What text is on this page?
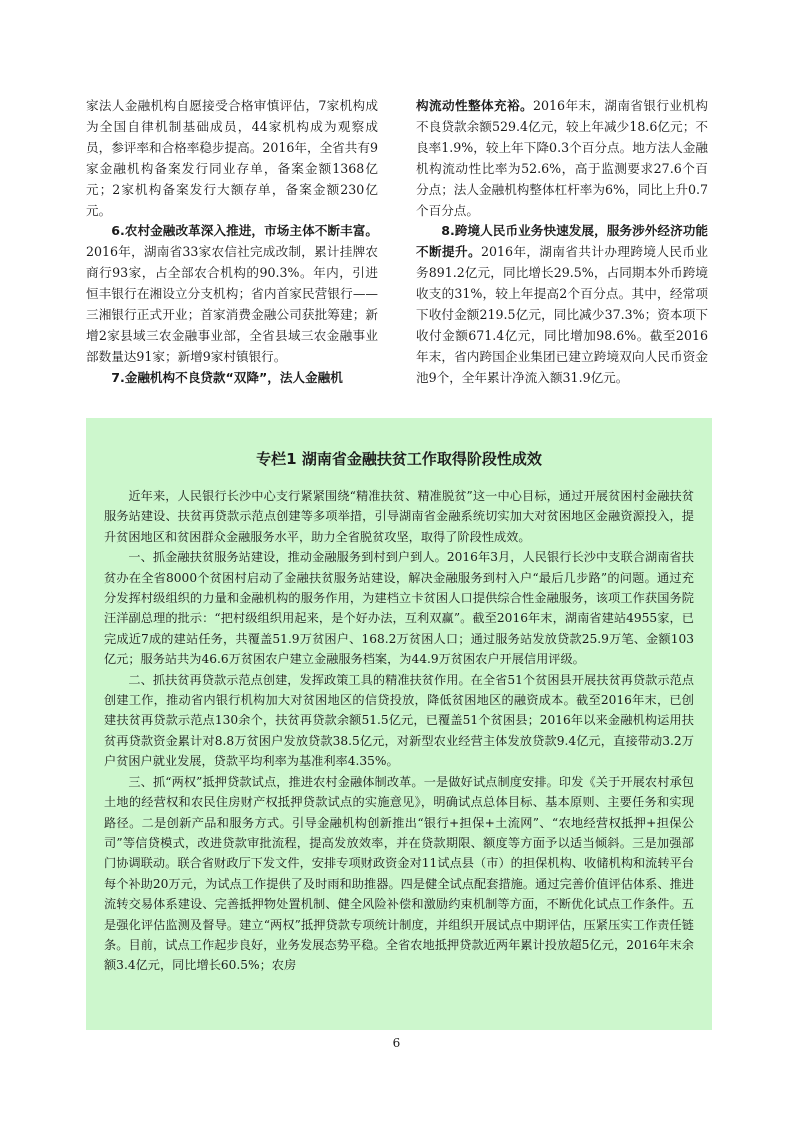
家法人金融机构自愿接受合格审慎评估，7家机构成为全国自律机制基础成员，44家机构成为观察成员，参评率和合格率稳步提高。2016年，全省共有9家金融机构备案发行同业存单，备案金额1368亿元；2家机构备案发行大额存单，备案金额230亿元。

6.农村金融改革深入推进，市场主体不断丰富。2016年，湖南省33家农信社完成改制，累计挂牌农商行93家，占全部农合机构的90.3%。年内，引进恒丰银行在湘设立分支机构；省内首家民营银行——三湘银行正式开业；首家消费金融公司获批筹建；新增2家县域三农金融事业部，全省县域三农金融事业部数量达91家；新增9家村镇银行。

7.金融机构不良贷款“双降”，法人金融机

构流动性整体充裕。2016年末，湖南省银行业机构不良贷款余额529.4亿元，较上年减少18.6亿元；不良率1.9%，较上年下降0.3个百分点。地方法人金融机构流动性比率为52.6%，高于监测要求27.6个百分点；法人金融机构整体杠杆率为6%，同比上升0.7个百分点。

8.跨境人民币业务快速发展，服务涉外经济功能不断提升。2016年，湖南省共计办理跨境人民币业务891.2亿元，同比增长29.5%，占同期本外币跨境收支的31%，较上年提高2个百分点。其中，经常项下收付金额219.5亿元，同比减少37.3%；资本项下收付金额671.4亿元，同比增加98.6%。截至2016年末，省内跨国企业集团已建立跨境双向人民币资金池9个，全年累计净流入额31.9亿元。

专栏1 湖南省金融扶贫工作取得阶段性成效

近年来，人民银行长沙中心支行紧紧围绕“精准扶贫、精准脱贫”这一中心目标，通过开展贫困村金融扶贫服务站建设、扶贫再贷款示范点创建等多项举措，引导湖南省金融系统切实加大对贫困地区金融资源投入，提升贫困地区和贫困群众金融服务水平，助力全省脱贫攻坚，取得了阶段性成效。

一、抓金融扶贫服务站建设，推动金融服务到村到户到人。2016年3月，人民银行长沙中支联合湖南省扶贫办在全省8000个贫困村启动了金融扶贫服务站建设，解决金融服务到村入户“最后几步路”的问题。通过充分发挥村级组织的力量和金融机构的服务作用，为建档立卡贫困人口提供综合性金融服务，该项工作获国务院汪洋副总理的批示：“把村级组织用起来，是个好办法，互利双赢”。截至2016年末，湖南省建站4955家，已完成近7成的建站任务，共覆盖51.9万贫困户、168.2万贫困人口；通过服务站发放贷款25.9万笔、金额103亿元；服务站共为46.6万贫困农户建立金融服务档案，为44.9万贫困农户开展信用评级。

二、抓扶贫再贷款示范点创建，发挥政策工具的精准扶贫作用。在全省51个贫困县开展扶贫再贷款示范点创建工作，推动省内银行机构加大对贫困地区的信贷投放，降低贫困地区的融资成本。截至2016年末，已创建扶贫再贷款示范点130余个，扶贫再贷款余额51.5亿元，已覆盖51个贫困县；2016年以来金融机构运用扶贫再贷款资金累计对8.8万贫困户发放贷款38.5亿元，对新型农业经营主体发放贷款9.4亿元，直接带动3.2万户贫困户就业发展，贷款平均利率为基准利率4.35%。

三、抓“两权”抵押贷款试点，推进农村金融体制改革。一是做好试点制度安排。印发《关于开展农村承包土地的经营权和农民住房财产权抵押贷款试点的实施意见》，明确试点总体目标、基本原则、主要任务和实现路径。二是创新产品和服务方式。引导金融机构创新推出“银行+担保+土流网”、“农地经营权抵押+担保公司”等信贷模式，改进贷款审批流程，提高发放效率，并在贷款期限、额度等方面予以适当倾斜。三是加强部门协调联动。联合省财政厅下发文件，安排专项财政资金对11试点县（市）的担保机构、收储机构和流转平台每个补助20万元，为试点工作提供了及时雨和助推器。四是健全试点配套措施。通过完善价值评估体系、推进流转交易体系建设、完善抵押物处置机制、健全风险补偿和激励约束机制等方面，不断优化试点工作条件。五是强化评估监测及督导。建立“两权”抵押贷款专项统计制度，并组织开展试点中期评估，压紧压实工作责任链条。目前，试点工作起步良好，业务发展态势平稳。全省农地抵押贷款近两年累计投放超5亿元，2016年末余额3.4亿元，同比增长60.5%；农房

6
